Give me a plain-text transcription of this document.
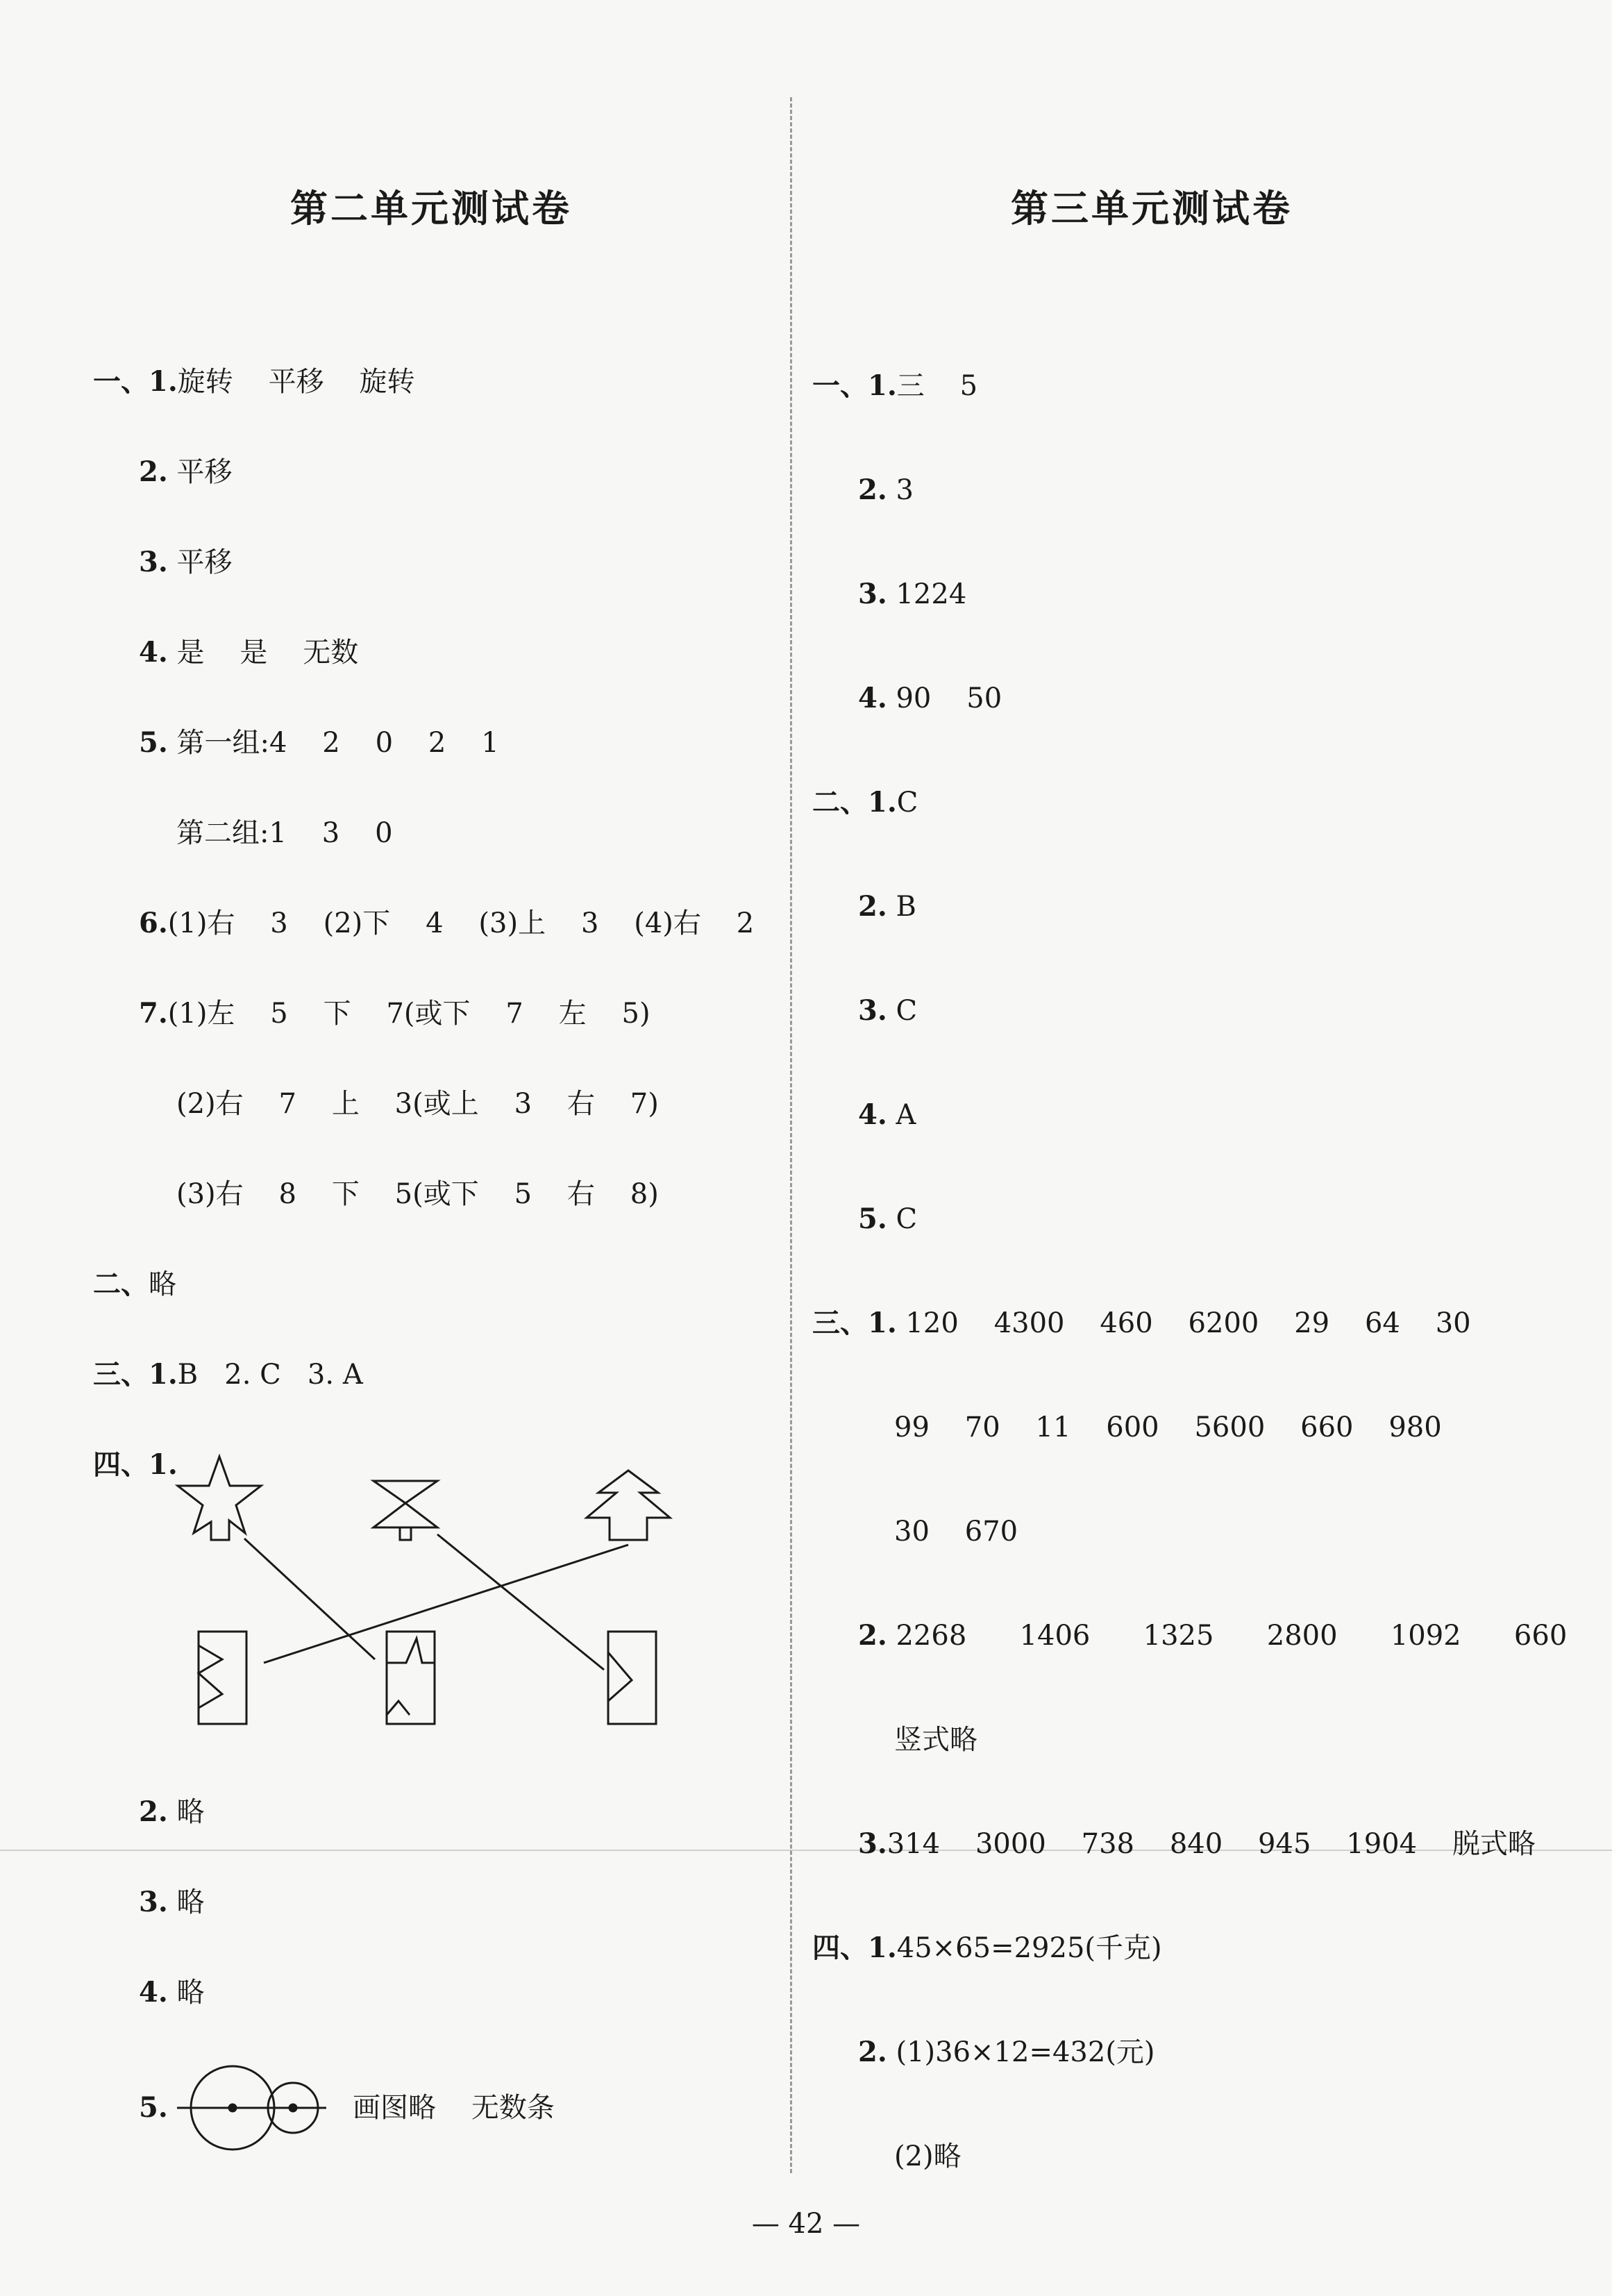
第二单元测试卷
一、1.旋转    平移    旋转
2. 平移
3. 平移
4. 是    是    无数
5. 第一组:4    2    0    2    1
第二组:1    3    0
6.(1)右    3    (2)下    4    (3)上    3    (4)右    2
7.(1)左    5    下    7(或下    7    左    5)
(2)右    7    上    3(或上    3    右    7)
(3)右    8    下    5(或下    5    右    8)
二、略
三、1.B   2. C   3. A
四、1.
2. 略
3. 略
4. 略
5.	画图略    无数条
第三单元测试卷
一、1.三    5
2. 3
3. 1224
4. 90    50
二、1.C
2. B
3. C
4. A
5. C
三、1. 120    4300    460    6200    29    64    30
99    70    11    600    5600    660    980
30    670
2. 2268      1406      1325      2800      1092      660
竖式略
3.314    3000    738    840    945    1904    脱式略
四、1.45×65=2925(千克)
2. (1)36×12=432(元)
(2)略
— 42 —
